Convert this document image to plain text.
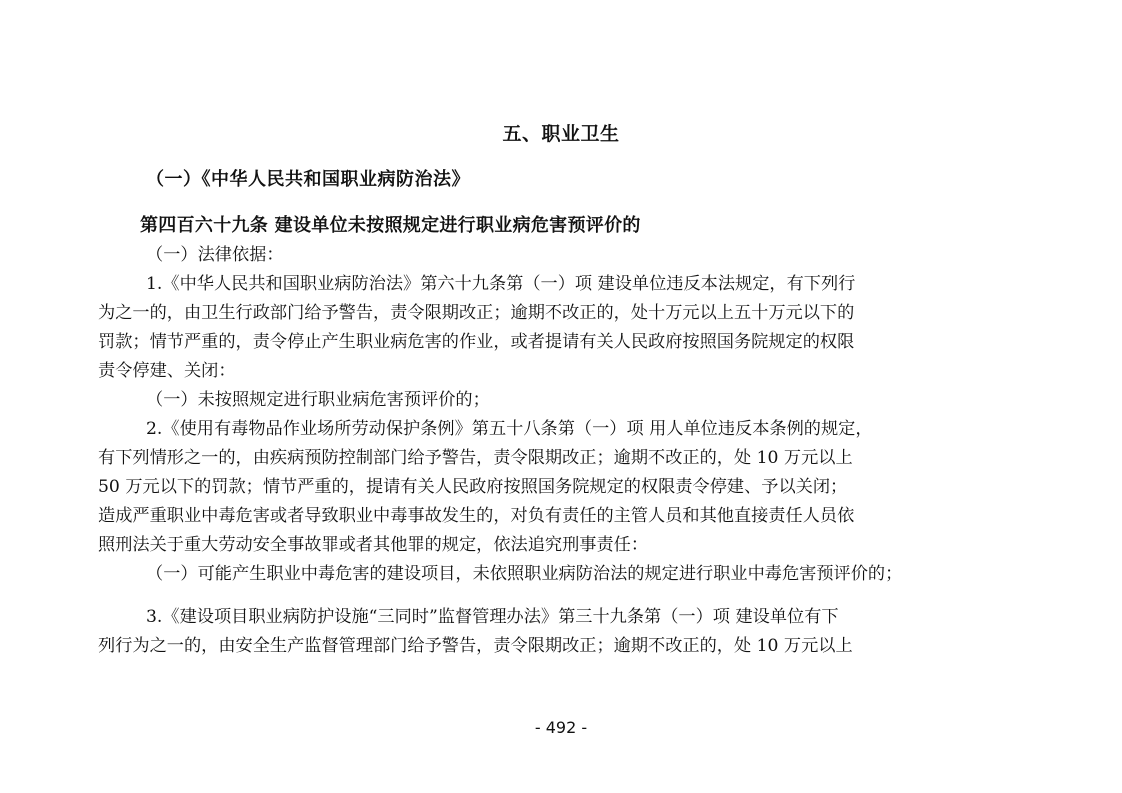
五、职业卫生
（一）《中华人民共和国职业病防治法》
第四百六十九条 建设单位未按照规定进行职业病危害预评价的
（一）法律依据：
1.《中华人民共和国职业病防治法》第六十九条第（一）项 建设单位违反本法规定，有下列行
为之一的，由卫生行政部门给予警告，责令限期改正；逾期不改正的，处十万元以上五十万元以下的
罚款；情节严重的，责令停止产生职业病危害的作业，或者提请有关人民政府按照国务院规定的权限
责令停建、关闭：
（一）未按照规定进行职业病危害预评价的；
2.《使用有毒物品作业场所劳动保护条例》第五十八条第（一）项 用人单位违反本条例的规定，
有下列情形之一的，由疾病预防控制部门给予警告，责令限期改正；逾期不改正的，处 10 万元以上
50 万元以下的罚款；情节严重的，提请有关人民政府按照国务院规定的权限责令停建、予以关闭；
造成严重职业中毒危害或者导致职业中毒事故发生的，对负有责任的主管人员和其他直接责任人员依
照刑法关于重大劳动安全事故罪或者其他罪的规定，依法追究刑事责任：
（一）可能产生职业中毒危害的建设项目，未依照职业病防治法的规定进行职业中毒危害预评价的；
3.《建设项目职业病防护设施“三同时”监督管理办法》第三十九条第（一）项 建设单位有下
列行为之一的，由安全生产监督管理部门给予警告，责令限期改正；逾期不改正的，处 10 万元以上
- 492 -
